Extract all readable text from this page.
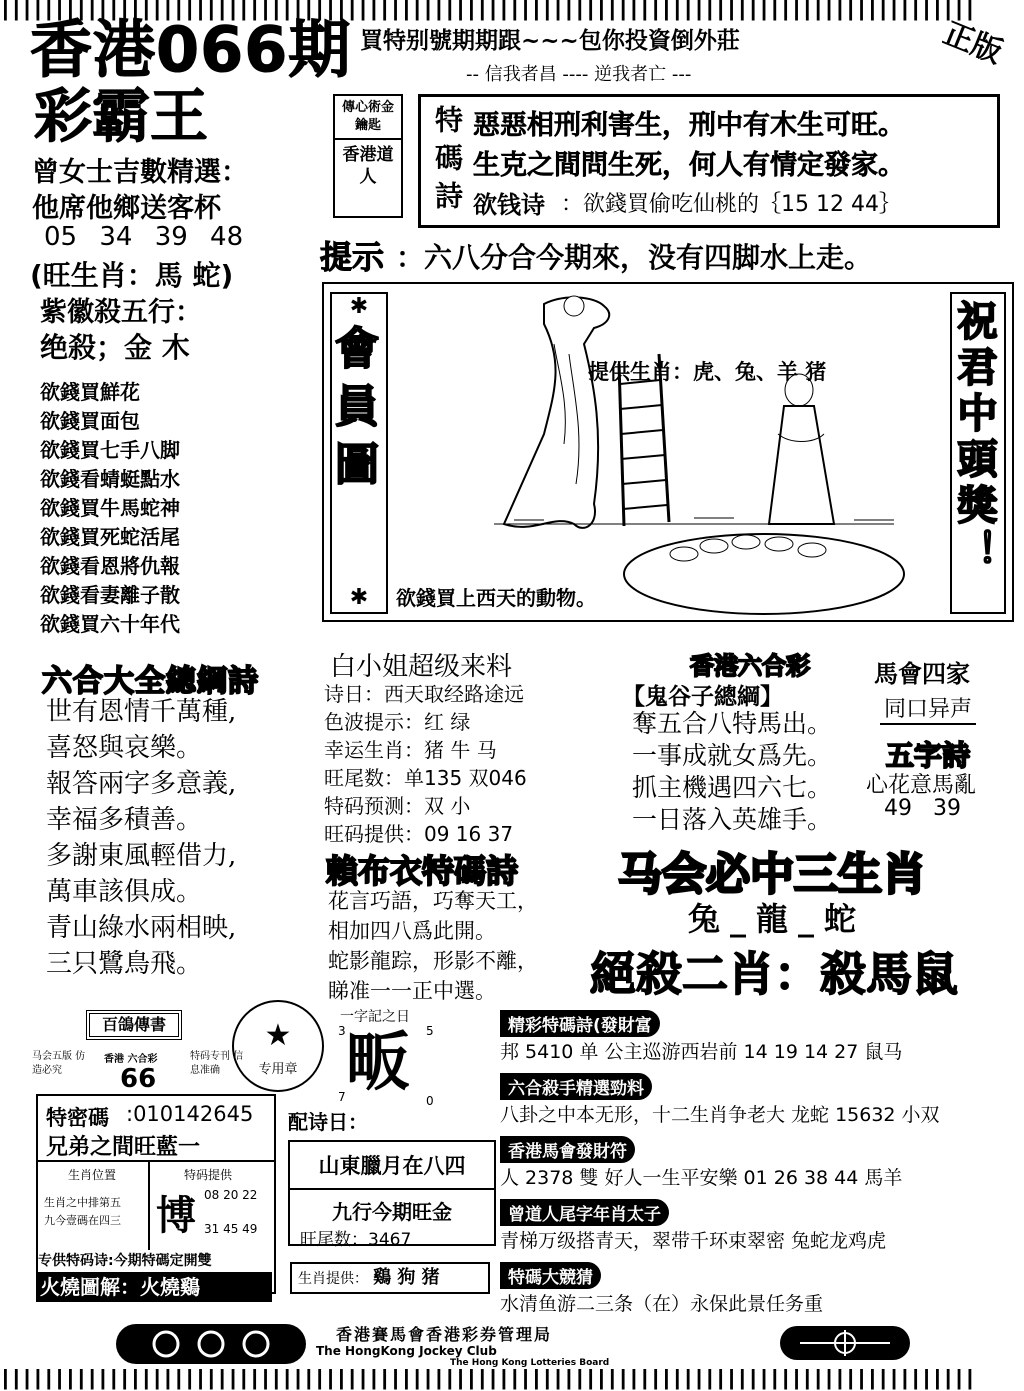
┃┃┃┃┃┃┃┃┃┃┃┃┃┃┃┃┃┃┃┃┃┃┃┃┃┃┃┃┃┃┃┃┃┃┃┃┃┃┃┃┃┃┃┃┃┃┃┃┃┃┃┃┃┃┃┃┃┃┃┃┃┃┃┃┃┃┃┃┃┃┃┃┃┃┃┃┃┃┃┃┃┃┃┃┃┃┃┃┃┃
┃┃┃┃┃┃┃┃┃┃┃┃┃┃┃┃┃┃┃┃┃┃┃┃┃┃┃┃┃┃┃┃┃┃┃┃┃┃┃┃┃┃┃┃┃┃┃┃┃┃┃┃┃┃┃┃┃┃┃┃┃┃┃┃┃┃┃┃┃┃┃┃┃┃┃┃┃┃┃┃┃┃┃┃┃┃┃┃┃┃
香港066期
彩霸王
買特别號期期跟~~~包你投資倒外莊
-- 信我者昌 ---- 逆我者亡 ---
正版
傳心術金鑰匙
香港道人	特碼詩 惡惡相刑利害生，刑中有木生可旺。
生克之間問生死，何人有情定發家。
欲钱诗 ：欲錢買偷吃仙桃的｛15 12 44｝
提示 ：六八分合今期來，没有四脚水上走。
曾女士吉數精選：
他席他鄉送客杯
05 34 39 48
(旺生肖：馬 蛇)
紫徽殺五行：
绝殺；金 木
欲錢買鮮花
欲錢買面包
欲錢買七手八脚
欲錢看蜻蜓點水
欲錢買牛馬蛇神
欲錢買死蛇活尾
欲錢看恩將仇報
欲錢看妻離子散
欲錢買六十年代
六合大全總綱詩
世有恩情千萬種,
喜怒與哀樂。
報答兩字多意義,
幸福多積善。
多謝東風輕借力,
萬車該俱成。
青山綠水兩相映,
三只鷺鳥飛。
✱
會員圖
✱
祝君中頭獎！
提供生肖：虎、兔、羊 猪
欲錢買上西天的動物。
白小姐超级来料
诗日：西天取经路途远
色波提示：红 绿
幸运生肖：猪 牛 马
旺尾数：单135 双046
特码预测：双 小
旺码提供：09 16 37
賴布衣特碼詩
花言巧語，巧奪天工，
相加四八爲此開。
蛇影龍踪，形影不離，
睇准一一正中選。
香港六合彩
【鬼谷子總綱】
奪五合八特馬出。
一事成就女爲先。
抓主機遇四六七。
一日落入英雄手。
馬會四家
同口异声
五字詩
心花意馬亂
49   39
马会必中三生肖
兔_龍_蛇
絕殺二肖：殺馬鼠
百鴿傳書
马会五版 仿造必究
香港 六合彩	特码专刊 信息准确
66
★
专用章
一字記之日
3	5
畈
7	0
特密碼 :010142645
兄弟之間旺藍一
生肖位置
生肖之中排第五
九今壹碼在四三
特码提供
博 08 20 22
31 45 49
专供特码诗:今期特碼定開雙
火燒圖解：火燒鷄
配诗日：
山東臘月在八四
九行今期旺金
旺尾数：3467
生肖提供： 鷄 狗 猪
精彩特碼詩(發財富
邦 5410 单 公主巡游西岩前 14 19 14 27 鼠马
六合殺手精選勁料
八卦之中本无形，十二生肖争老大 龙蛇 15632 小双
香港馬會發財符
人 2378 雙 好人一生平安樂 01 26 38 44 馬羊
曾道人尾字年肖太子
青梯万级搭青天，翠带千环束翠密 兔蛇龙鸡虎
特碼大競猜
水清鱼游二三条（在）永保此景任务重
香港賽馬會香港彩券管理局
The HongKong Jockey Club
The Hong Kong Lotteries Board
